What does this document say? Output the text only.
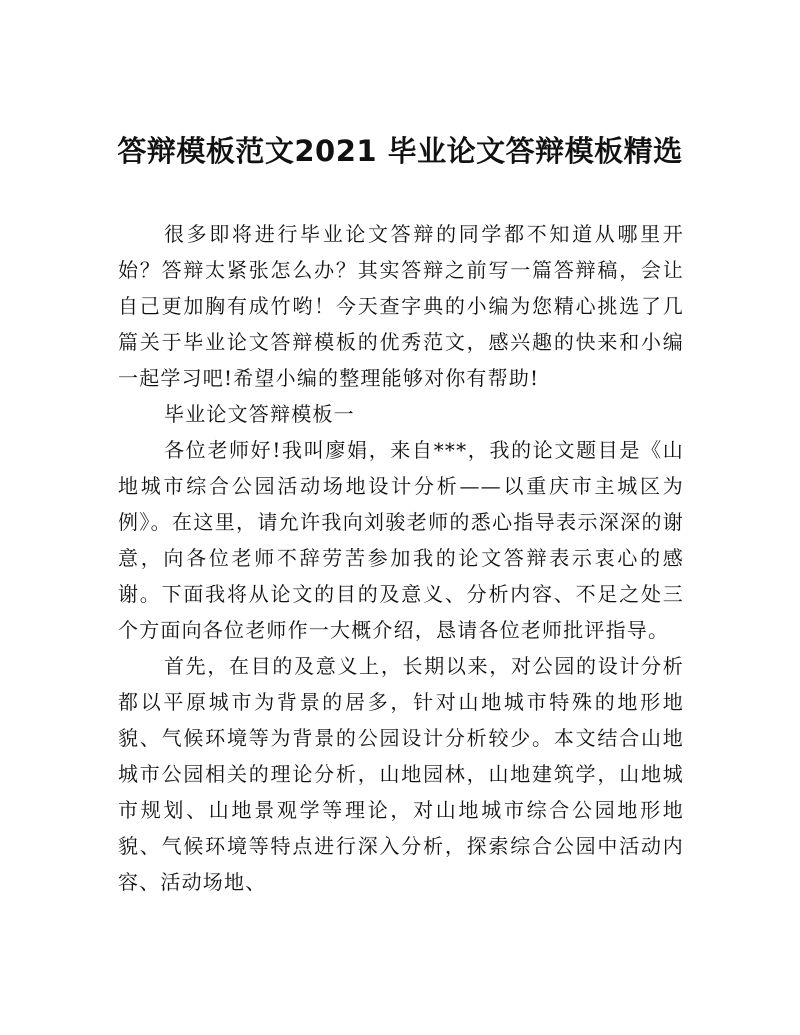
答辩模板范文2021 毕业论文答辩模板精选

很多即将进行毕业论文答辩的同学都不知道从哪里开始？答辩太紧张怎么办？其实答辩之前写一篇答辩稿，会让自己更加胸有成竹哟！今天查字典的小编为您精心挑选了几篇关于毕业论文答辩模板的优秀范文，感兴趣的快来和小编一起学习吧!希望小编的整理能够对你有帮助!

毕业论文答辩模板一

各位老师好!我叫廖娟，来自***，我的论文题目是《山地城市综合公园活动场地设计分析——以重庆市主城区为例》。在这里，请允许我向刘骏老师的悉心指导表示深深的谢意，向各位老师不辞劳苦参加我的论文答辩表示衷心的感谢。下面我将从论文的目的及意义、分析内容、不足之处三个方面向各位老师作一大概介绍，恳请各位老师批评指导。

首先，在目的及意义上，长期以来，对公园的设计分析都以平原城市为背景的居多，针对山地城市特殊的地形地貌、气候环境等为背景的公园设计分析较少。本文结合山地城市公园相关的理论分析，山地园林，山地建筑学，山地城市规划、山地景观学等理论，对山地城市综合公园地形地貌、气候环境等特点进行深入分析，探索综合公园中活动内容、活动场地、
